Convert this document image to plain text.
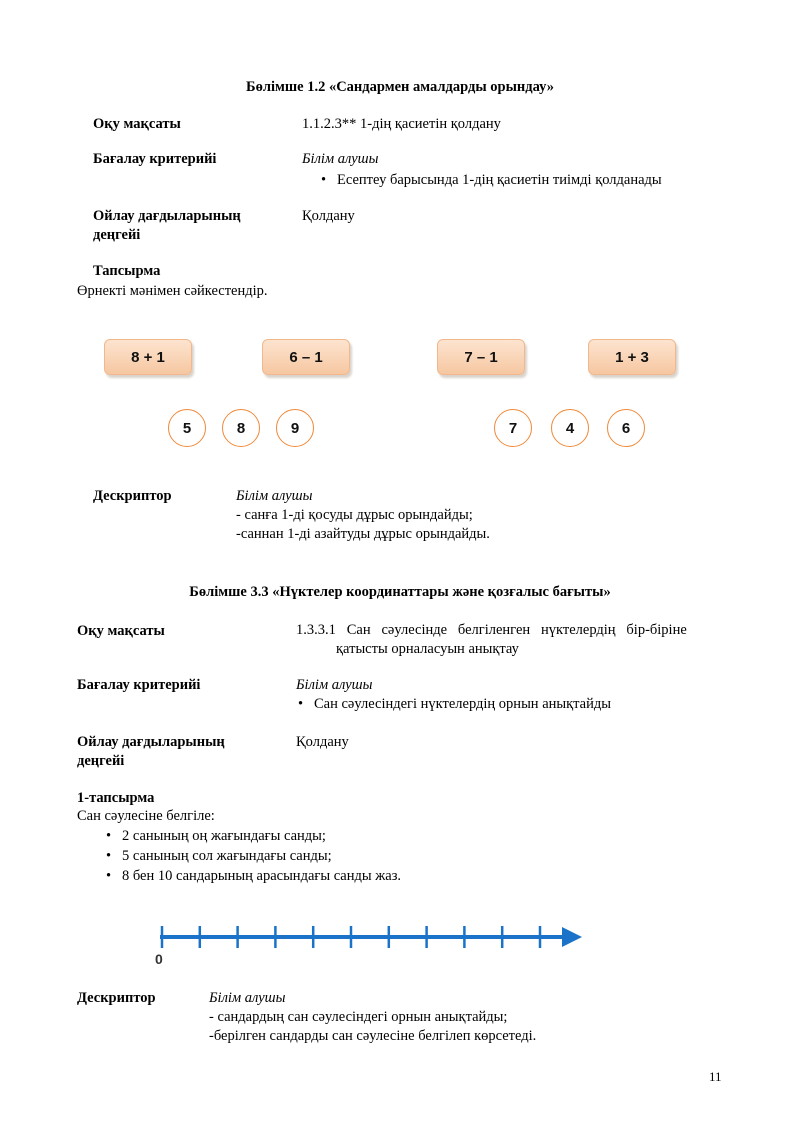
Бөлімше 1.2 «Сандармен амалдарды орындау»
Оқу мақсаты	1.1.2.3** 1-дің қасиетін қолдану
Бағалау критерийі	Білім алушы
• Есептеу барысында 1-дің қасиетін тиімді қолданады
Ойлау дағдыларының
деңгейі
Қолдану
Тапсырма
Өрнекті мәнімен сәйкестендір.
8 + 1	6 – 1	7 – 1	1 + 3
5	8	9	7	4	6
Дескриптор	Білім алушы
- санға 1-ді қосуды дұрыс орындайды;
-саннан 1-ді азайтуды дұрыс орындайды.
Бөлімше 3.3 «Нүктелер координаттары және қозғалыс бағыты»
Оқу мақсаты	1.3.3.1   Сан   сәулесінде   белгіленген   нүктелердің   бір-біріне
қатысты орналасуын анықтау
Бағалау критерийі	Білім алушы
• Сан сәулесіндегі нүктелердің орнын анықтайды
Ойлау дағдыларының
деңгейі
Қолдану
1-тапсырма
Сан сәулесіне белгіле:
• 2 санының оң жағындағы санды;
• 5 санының сол жағындағы санды;
• 8 бен 10 сандарының арасындағы санды жаз.
0
Дескриптор	Білім алушы
- сандардың сан сәулесіндегі орнын анықтайды;
-берілген сандарды сан сәулесіне белгілеп көрсетеді.
11
